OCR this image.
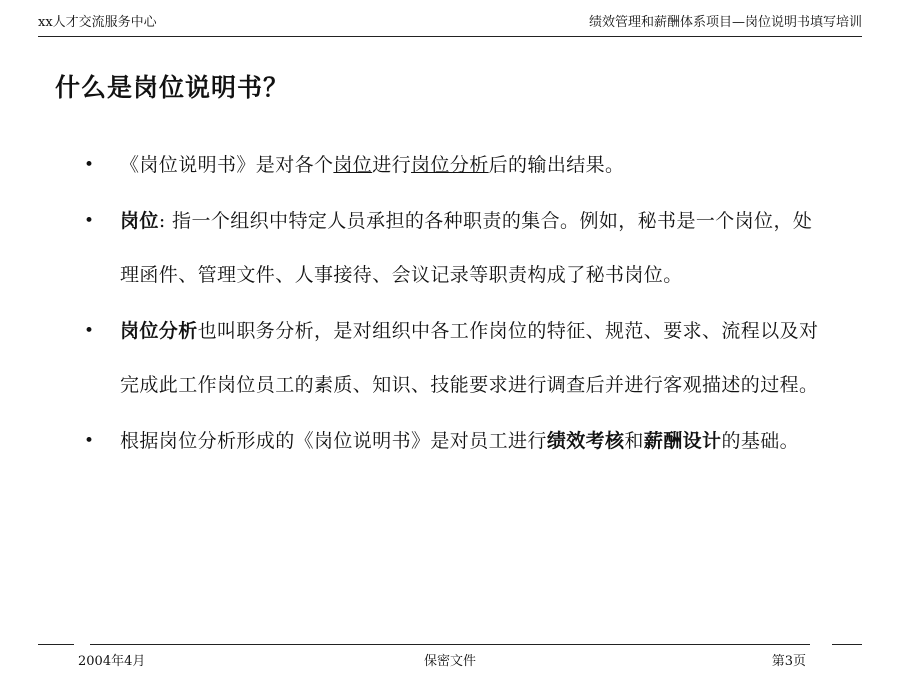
xx人才交流服务中心	绩效管理和薪酬体系项目—岗位说明书填写培训
什么是岗位说明书？
• 《岗位说明书》是对各个岗位进行岗位分析后的输出结果。
• 岗位: 指一个组织中特定人员承担的各种职责的集合。例如，秘书是一个岗位，处理函件、管理文件、人事接待、会议记录等职责构成了秘书岗位。
• 岗位分析也叫职务分析，是对组织中各工作岗位的特征、规范、要求、流程以及对完成此工作岗位员工的素质、知识、技能要求进行调查后并进行客观描述的过程。
• 根据岗位分析形成的《岗位说明书》是对员工进行绩效考核和薪酬设计的基础。
2004年4月	保密文件	第3页
